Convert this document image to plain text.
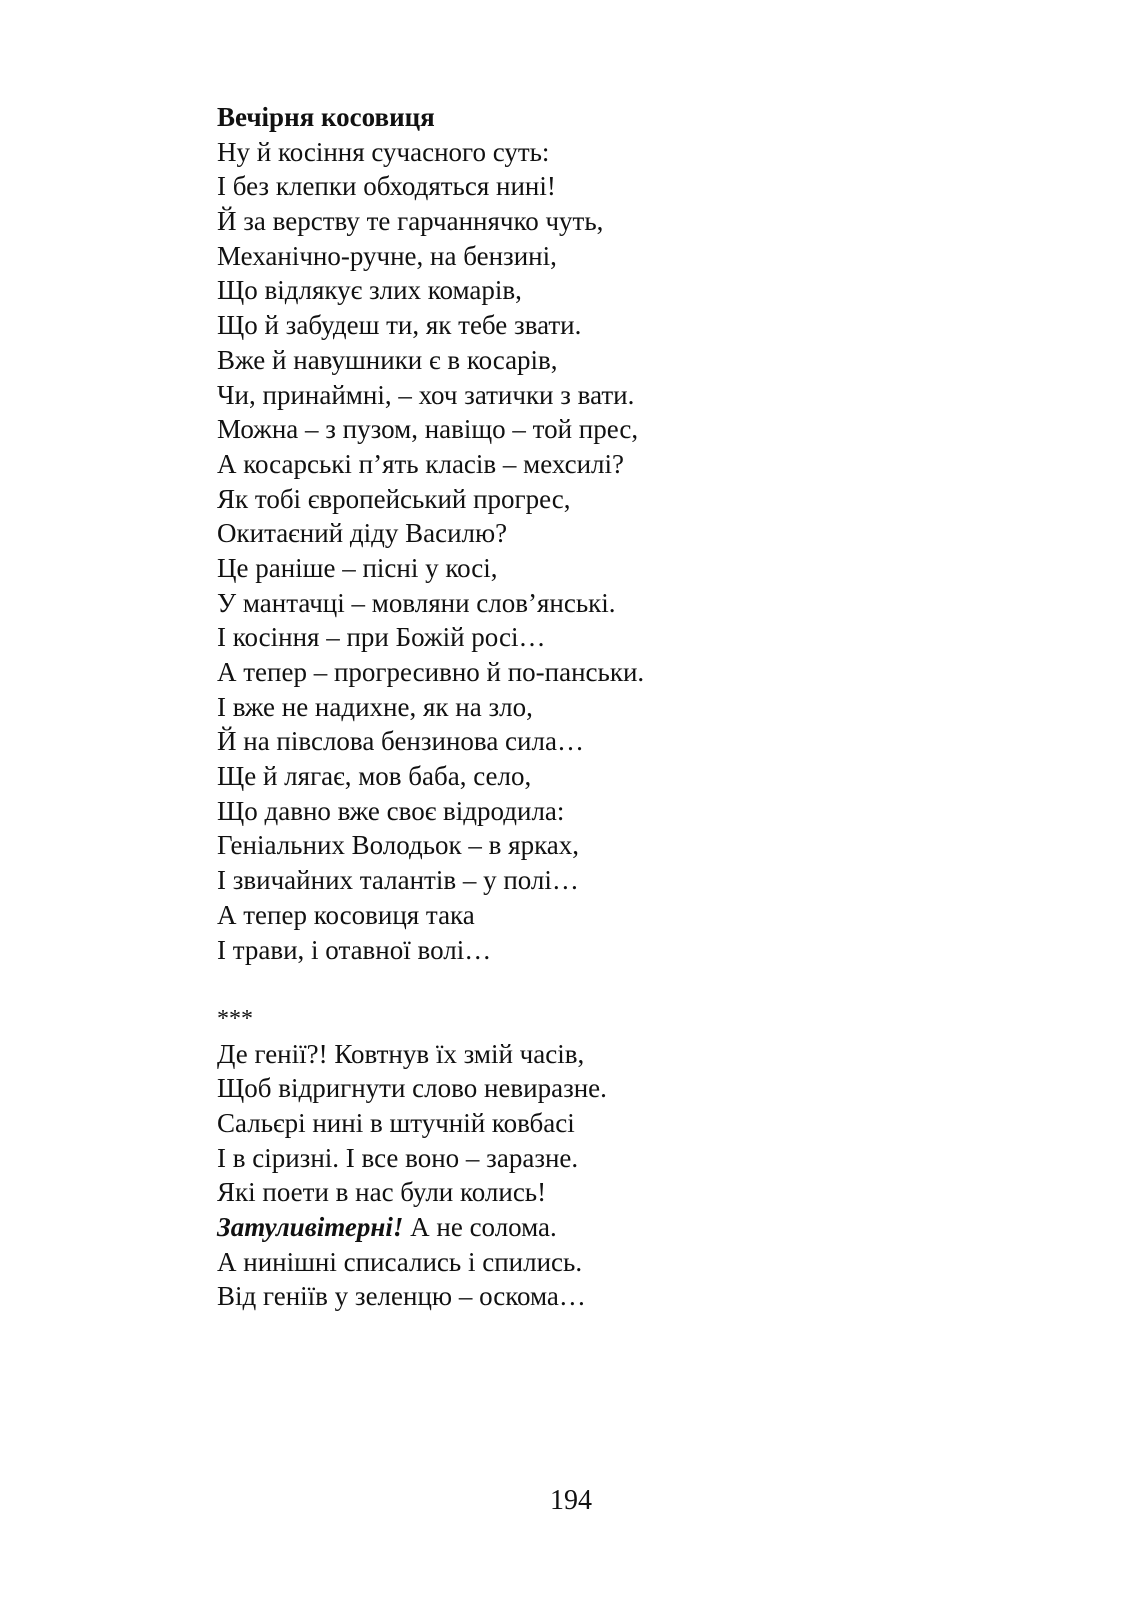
Вечірня косовиця
Ну й косіння сучасного суть:
І без клепки обходяться нині!
Й за верству те гарчаннячко чуть,
Механічно-ручне, на бензині,
Що відлякує злих комарів,
Що й забудеш ти, як тебе звати.
Вже й навушники є в косарів,
Чи, принаймні, – хоч затички з вати.
Можна – з пузом, навіщо – той прес,
А косарські п’ять класів – мехсилі?
Як тобі європейський прогрес,
Окитаєний діду Василю?
Це раніше – пісні у косі,
У мантачці – мовляни слов’янські.
І косіння – при Божій росі…
А тепер – прогресивно й по-панськи.
І вже не надихне, як на зло,
Й на півслова бензинова сила…
Ще й лягає, мов баба, село,
Що давно вже своє відродила:
Геніальних Володьок – в ярках,
І звичайних талантів – у полі…
А тепер косовиця така
І трави, і отавної волі…
***
Де генії?! Ковтнув їх змій часів,
Щоб відригнути слово невиразне.
Сальєрі нині в штучній ковбасі
І в сіризні. І все воно – заразне.
Які поети в нас були колись!
Затуливітерні! А не солома.
А нинішні списались і спились.
Від геніїв у зеленцю – оскома…
194
